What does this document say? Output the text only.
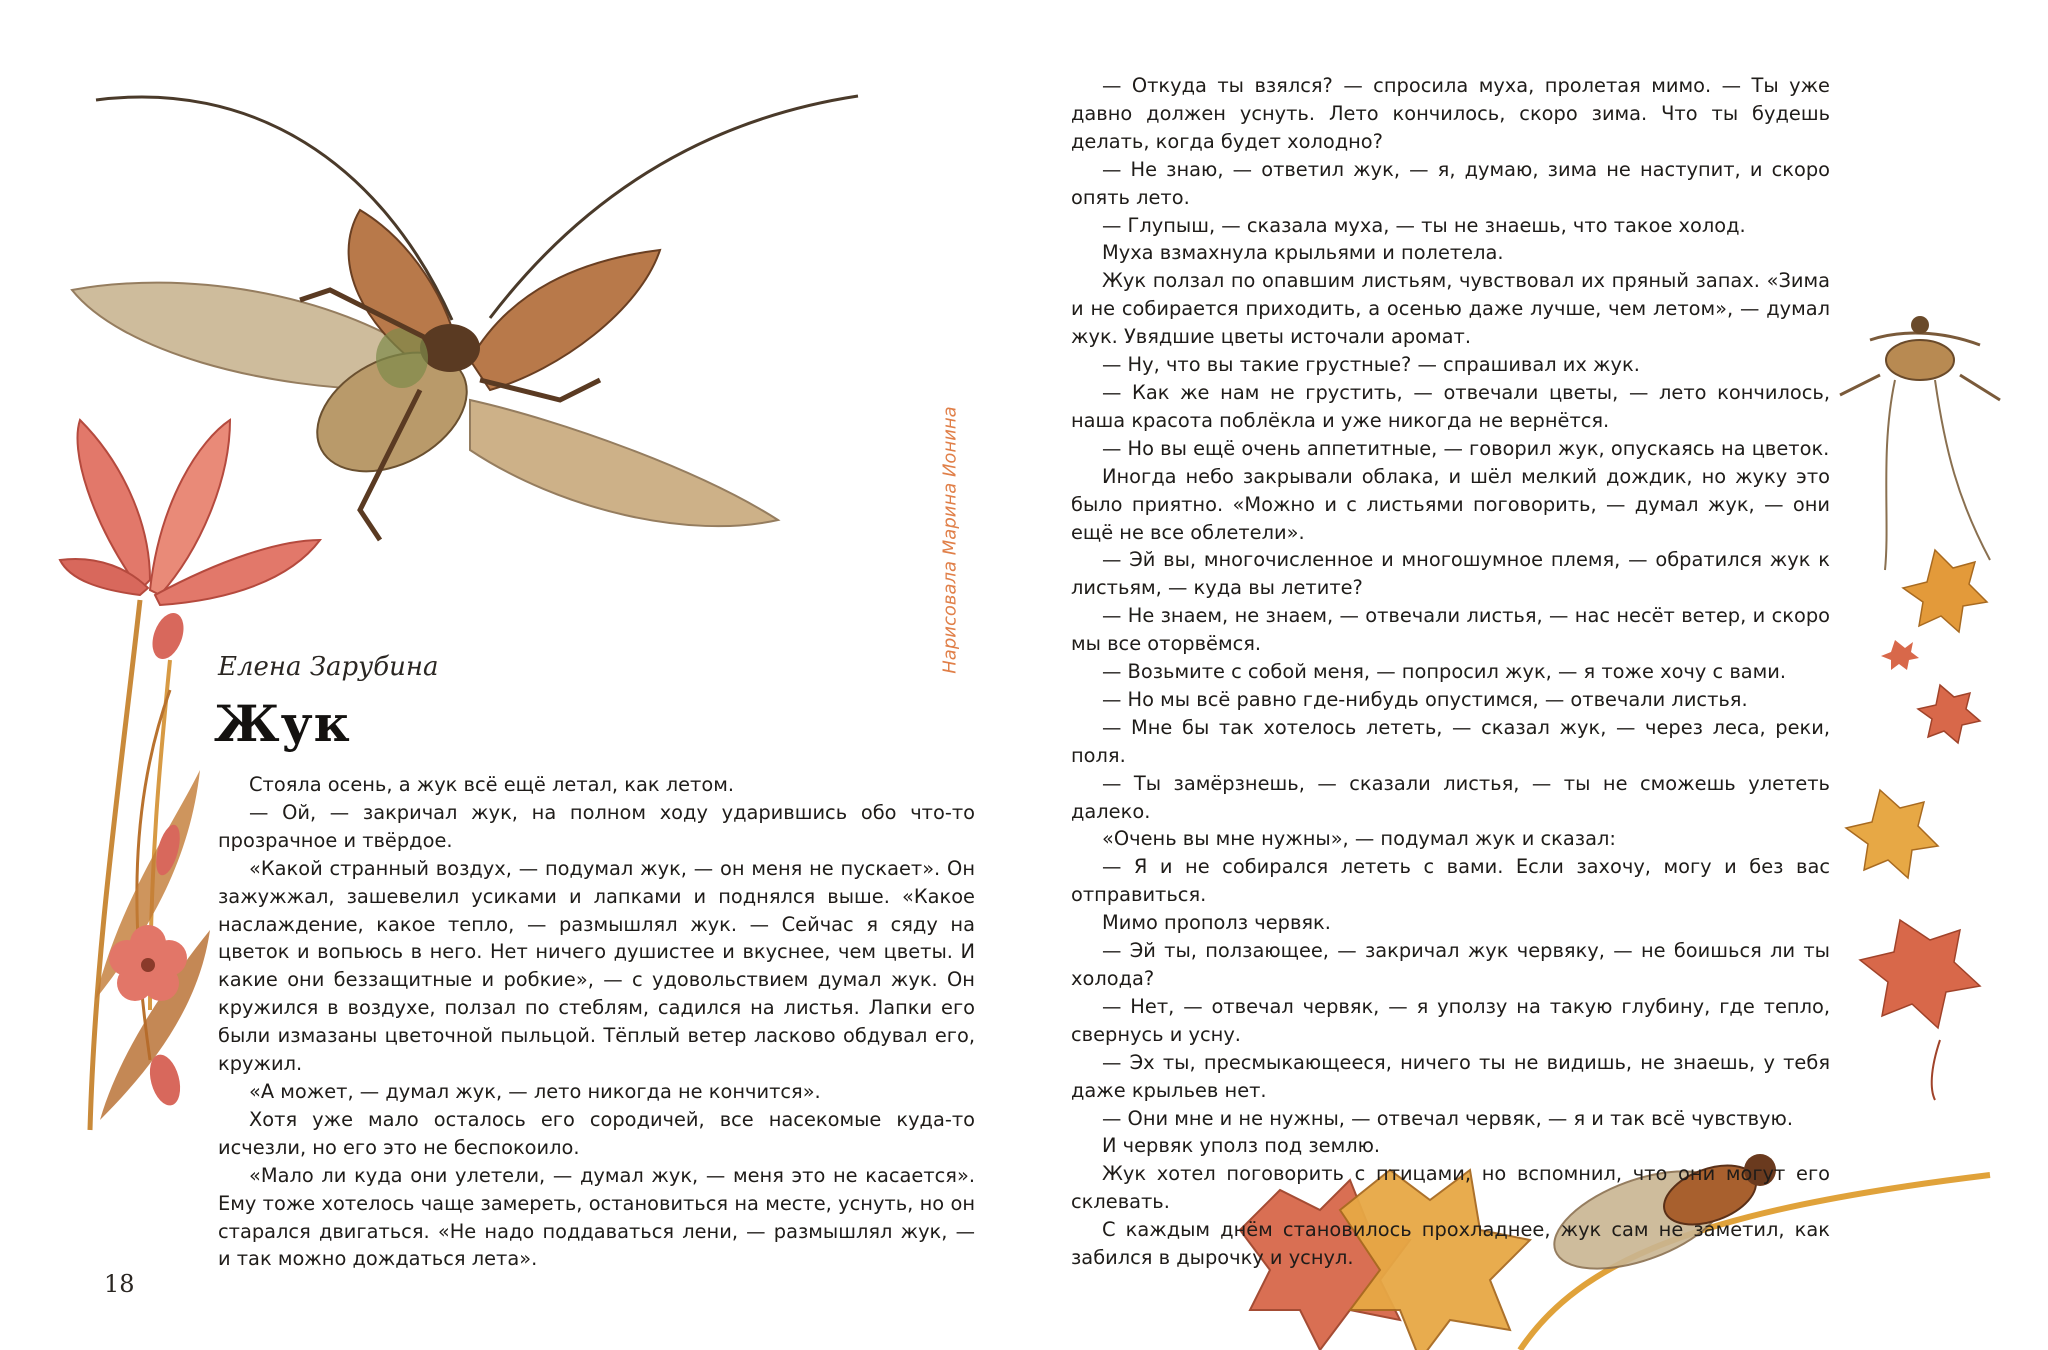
Нарисовала Марина Ионина

Елена Зарубина

Жук

Стояла осень, а жук всё ещё летал, как летом.

— Ой, — закричал жук, на полном ходу ударившись обо что-то прозрачное и твёрдое.

«Какой странный воздух, — подумал жук, — он меня не пускает». Он зажужжал, зашевелил усиками и лапками и поднялся выше. «Какое наслаждение, какое тепло, — размышлял жук. — Сейчас я сяду на цветок и вопьюсь в него. Нет ничего душистее и вкуснее, чем цветы. И какие они беззащитные и робкие», — с удовольствием думал жук. Он кружился в воздухе, ползал по стеблям, садился на листья. Лапки его были измазаны цветочной пыльцой. Тёплый ветер ласково обдувал его, кружил.

«А может, — думал жук, — лето никогда не кончится».

Хотя уже мало осталось его сородичей, все насекомые куда-то исчезли, но его это не беспокоило.

«Мало ли куда они улетели, — думал жук, — меня это не касается». Ему тоже хотелось чаще замереть, остановиться на месте, уснуть, но он старался двигаться. «Не надо поддаваться лени, — размышлял жук, — и так можно дождаться лета».

18

— Откуда ты взялся? — спросила муха, пролетая мимо. — Ты уже давно должен уснуть. Лето кончилось, скоро зима. Что ты будешь делать, когда будет холодно?

— Не знаю, — ответил жук, — я, думаю, зима не наступит, и скоро опять лето.

— Глупыш, — сказала муха, — ты не знаешь, что такое холод.

Муха взмахнула крыльями и полетела.

Жук ползал по опавшим листьям, чувствовал их пряный запах. «Зима и не собирается приходить, а осенью даже лучше, чем летом», — думал жук. Увядшие цветы источали аромат.

— Ну, что вы такие грустные? — спрашивал их жук.

— Как же нам не грустить, — отвечали цветы, — лето кончилось, наша красота поблёкла и уже никогда не вернётся.

— Но вы ещё очень аппетитные, — говорил жук, опускаясь на цветок.

Иногда небо закрывали облака, и шёл мелкий дождик, но жуку это было приятно. «Можно и с листьями поговорить, — думал жук, — они ещё не все облетели».

— Эй вы, многочисленное и многошумное племя, — обратился жук к листьям, — куда вы летите?

— Не знаем, не знаем, — отвечали листья, — нас несёт ветер, и скоро мы все оторвёмся.

— Возьмите с собой меня, — попросил жук, — я тоже хочу с вами.

— Но мы всё равно где-нибудь опустимся, — отвечали листья.

— Мне бы так хотелось лететь, — сказал жук, — через леса, реки, поля.

— Ты замёрзнешь, — сказали листья, — ты не сможешь улететь далеко.

«Очень вы мне нужны», — подумал жук и сказал:

— Я и не собирался лететь с вами. Если захочу, могу и без вас отправиться.

Мимо прополз червяк.

— Эй ты, ползающее, — закричал жук червяку, — не боишься ли ты холода?

— Нет, — отвечал червяк, — я уползу на такую глубину, где тепло, свернусь и усну.

— Эх ты, пресмыкающееся, ничего ты не видишь, не знаешь, у тебя даже крыльев нет.

— Они мне и не нужны, — отвечал червяк, — я и так всё чувствую.

И червяк уполз под землю.

Жук хотел поговорить с птицами, но вспомнил, что они могут его склевать.

С каждым днём становилось прохладнее, жук сам не заметил, как забился в дырочку и уснул.
